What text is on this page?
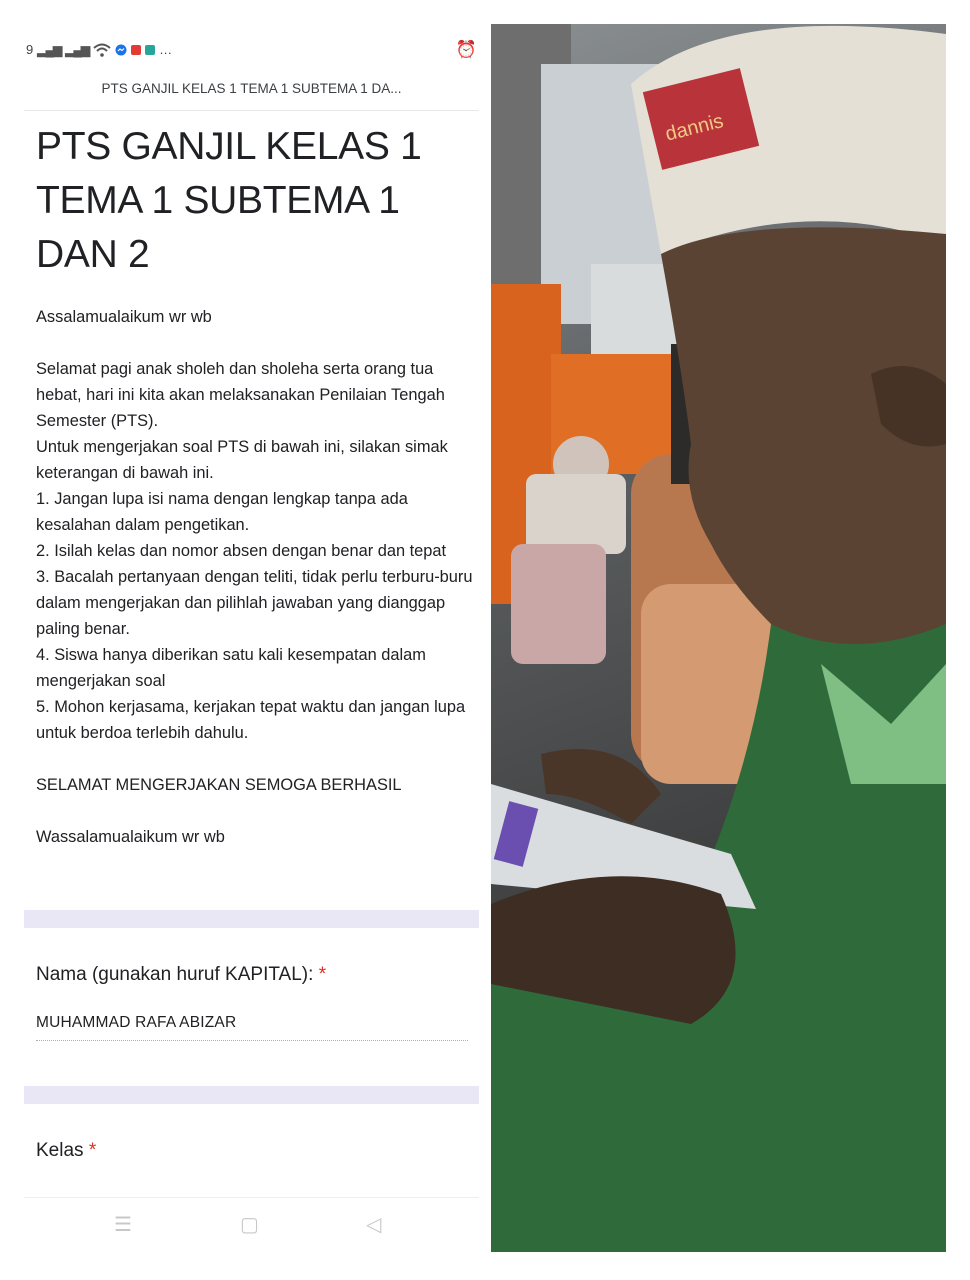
9 ▂▄▆ ▂▄▆	…	⏰
PTS GANJIL KELAS 1 TEMA 1 SUBTEMA 1 DA...
PTS GANJIL KELAS 1 TEMA 1 SUBTEMA 1 DAN 2
Assalamualaikum wr wb

Selamat pagi anak sholeh dan sholeha serta orang tua hebat, hari ini kita akan melaksanakan Penilaian Tengah Semester (PTS).
Untuk mengerjakan soal PTS di bawah ini, silakan simak keterangan di bawah ini.
1. Jangan lupa isi nama dengan lengkap tanpa ada kesalahan dalam pengetikan.
2. Isilah kelas dan nomor absen dengan benar dan tepat
3. Bacalah pertanyaan dengan teliti, tidak perlu terburu-buru dalam mengerjakan dan pilihlah jawaban yang dianggap paling benar.
4. Siswa hanya diberikan satu kali kesempatan dalam mengerjakan soal
5. Mohon kerjasama, kerjakan tepat waktu dan jangan lupa untuk berdoa terlebih dahulu.

SELAMAT MENGERJAKAN SEMOGA BERHASIL

Wassalamualaikum wr wb
Nama (gunakan huruf KAPITAL): *
MUHAMMAD RAFA ABIZAR
Kelas *
☰	▢	◁
dannis
